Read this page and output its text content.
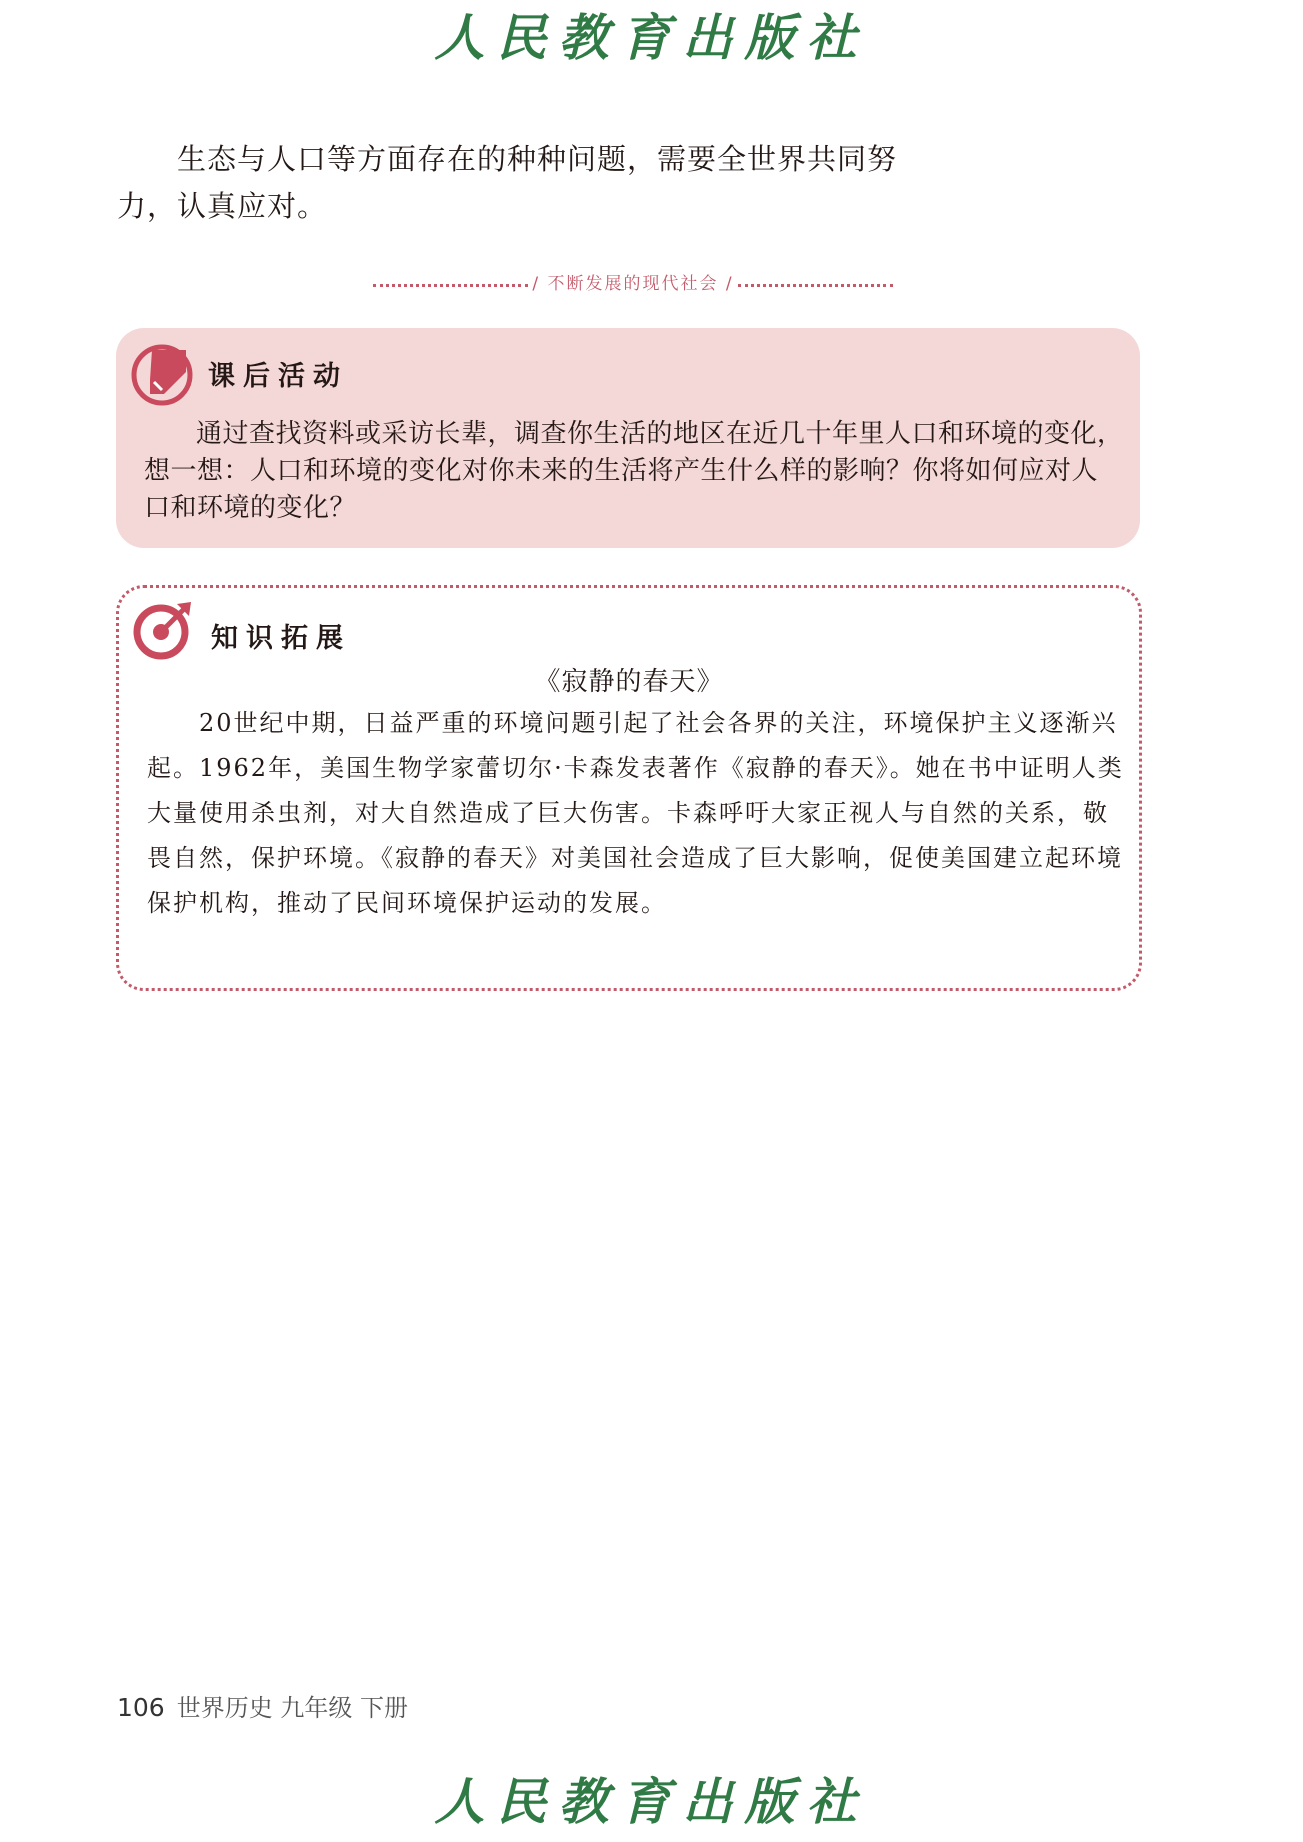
人民教育出版社
生态与人口等方面存在的种种问题，需要全世界共同努力，认真应对。
/ 不断发展的现代社会 /
课后活动
通过查找资料或采访长辈，调查你生活的地区在近几十年里人口和环境的变化，想一想：人口和环境的变化对你未来的生活将产生什么样的影响？你将如何应对人口和环境的变化？
知识拓展
《寂静的春天》
20世纪中期，日益严重的环境问题引起了社会各界的关注，环境保护主义逐渐兴起。1962年，美国生物学家蕾切尔·卡森发表著作《寂静的春天》。她在书中证明人类大量使用杀虫剂，对大自然造成了巨大伤害。卡森呼吁大家正视人与自然的关系，敬畏自然，保护环境。《寂静的春天》对美国社会造成了巨大影响，促使美国建立起环境保护机构，推动了民间环境保护运动的发展。
106 世界历史 九年级 下册
人民教育出版社
